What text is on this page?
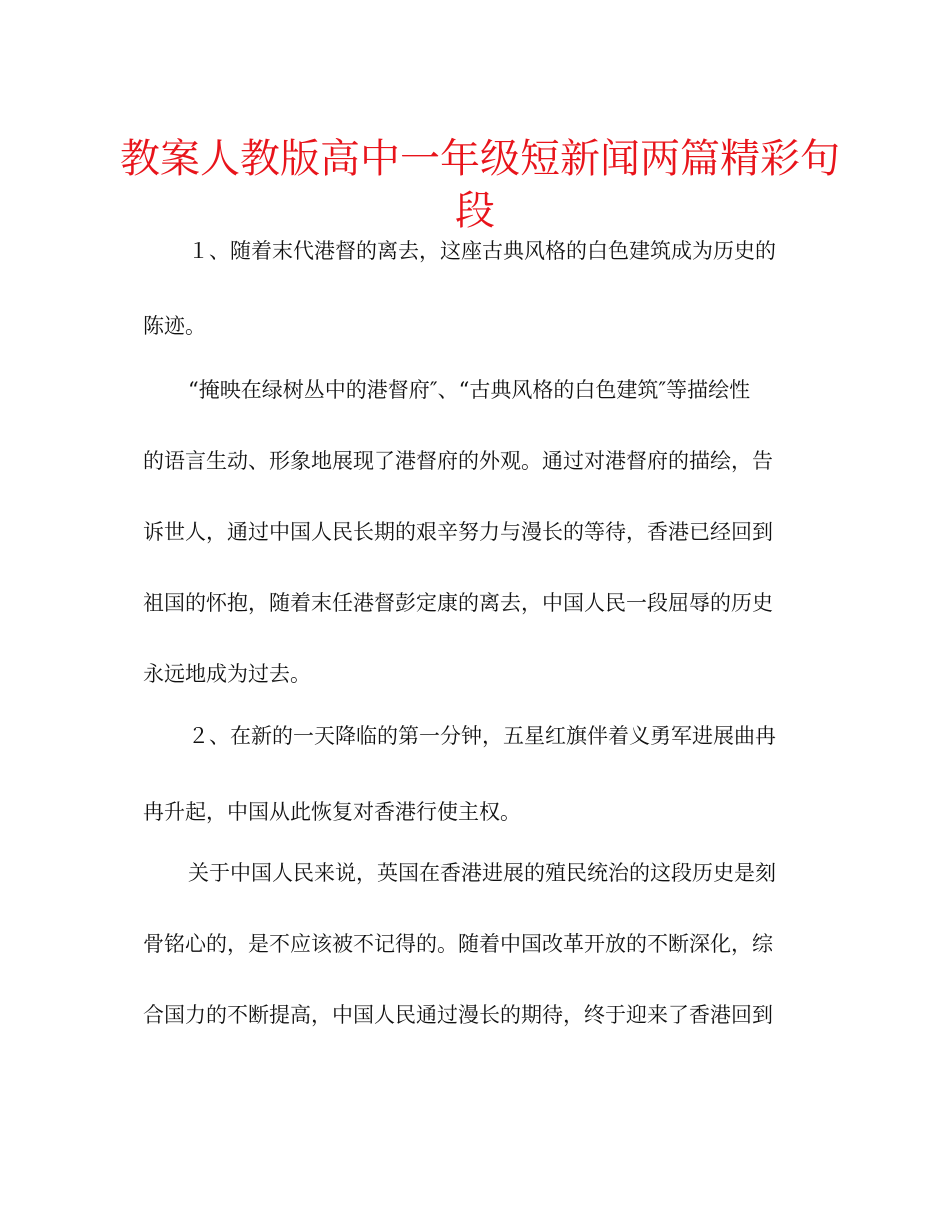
教案人教版高中一年级短新闻两篇精彩句
段
１、随着末代港督的离去，这座古典风格的白色建筑成为历史的
陈迹。
“掩映在绿树丛中的港督府″、“古典风格的白色建筑″等描绘性
的语言生动、形象地展现了港督府的外观。通过对港督府的描绘，告
诉世人，通过中国人民长期的艰辛努力与漫长的等待，香港已经回到
祖国的怀抱，随着末任港督彭定康的离去，中国人民一段屈辱的历史
永远地成为过去。
２、在新的一天降临的第一分钟，五星红旗伴着义勇军进展曲冉
冉升起，中国从此恢复对香港行使主权。
关于中国人民来说，英国在香港进展的殖民统治的这段历史是刻
骨铭心的，是不应该被不记得的。随着中国改革开放的不断深化，综
合国力的不断提高，中国人民通过漫长的期待，终于迎来了香港回到
